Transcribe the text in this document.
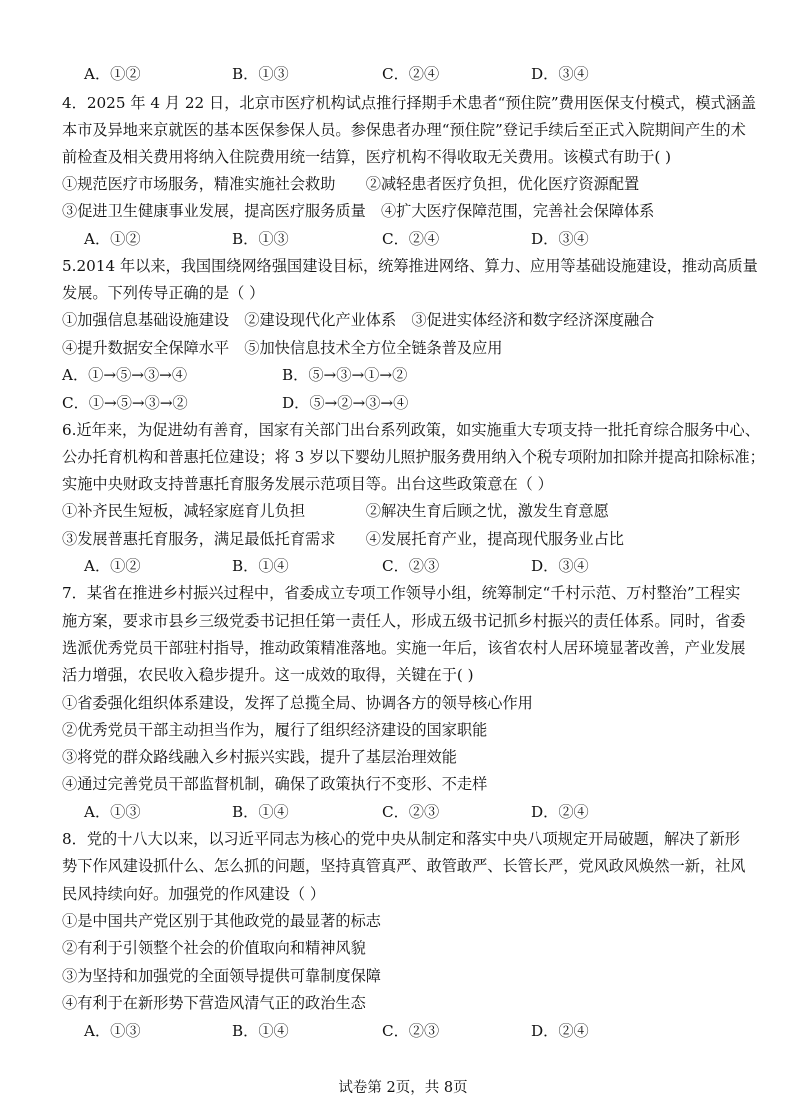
A．①②	B．①③	C．②④	D．③④
4．2025 年 4 月 22 日，北京市医疗机构试点推行择期手术患者“预住院”费用医保支付模式，模式涵盖
本市及异地来京就医的基本医保参保人员。参保患者办理“预住院”登记手续后至正式入院期间产生的术
前检查及相关费用将纳入住院费用统一结算，医疗机构不得收取无关费用。该模式有助于( )
①规范医疗市场服务，精准实施社会救助　　②减轻患者医疗负担，优化医疗资源配置
③促进卫生健康事业发展，提高医疗服务质量　④扩大医疗保障范围，完善社会保障体系
A．①②	B．①③	C．②④	D．③④
5.2014 年以来，我国围绕网络强国建设目标，统筹推进网络、算力、应用等基础设施建设，推动高质量
发展。下列传导正确的是（ ）
①加强信息基础设施建设　②建设现代化产业体系　③促进实体经济和数字经济深度融合
④提升数据安全保障水平　⑤加快信息技术全方位全链条普及应用
A．①→⑤→③→④	B．⑤→③→①→②
C．①→⑤→③→②	D．⑤→②→③→④
6.近年来，为促进幼有善育，国家有关部门出台系列政策，如实施重大专项支持一批托育综合服务中心、
公办托育机构和普惠托位建设；将 3 岁以下婴幼儿照护服务费用纳入个税专项附加扣除并提高扣除标准；
实施中央财政支持普惠托育服务发展示范项目等。出台这些政策意在（ ）
①补齐民生短板，减轻家庭育儿负担　　　　②解决生育后顾之忧，激发生育意愿
③发展普惠托育服务，满足最低托育需求　　④发展托育产业，提高现代服务业占比
A．①②	B．①④	C．②③	D．③④
7．某省在推进乡村振兴过程中，省委成立专项工作领导小组，统筹制定“千村示范、万村整治”工程实
施方案，要求市县乡三级党委书记担任第一责任人，形成五级书记抓乡村振兴的责任体系。同时，省委
选派优秀党员干部驻村指导，推动政策精准落地。实施一年后，该省农村人居环境显著改善，产业发展
活力增强，农民收入稳步提升。这一成效的取得，关键在于( )
①省委强化组织体系建设，发挥了总揽全局、协调各方的领导核心作用
②优秀党员干部主动担当作为，履行了组织经济建设的国家职能
③将党的群众路线融入乡村振兴实践，提升了基层治理效能
④通过完善党员干部监督机制，确保了政策执行不变形、不走样
A．①③	B．①④	C．②③	D．②④
8．党的十八大以来，以习近平同志为核心的党中央从制定和落实中央八项规定开局破题，解决了新形
势下作风建设抓什么、怎么抓的问题，坚持真管真严、敢管敢严、长管长严，党风政风焕然一新，社风
民风持续向好。加强党的作风建设（ ）
①是中国共产党区别于其他政党的最显著的标志
②有利于引领整个社会的价值取向和精神风貌
③为坚持和加强党的全面领导提供可靠制度保障
④有利于在新形势下营造风清气正的政治生态
A．①③	B．①④	C．②③	D．②④
试卷第 2页，共 8页
